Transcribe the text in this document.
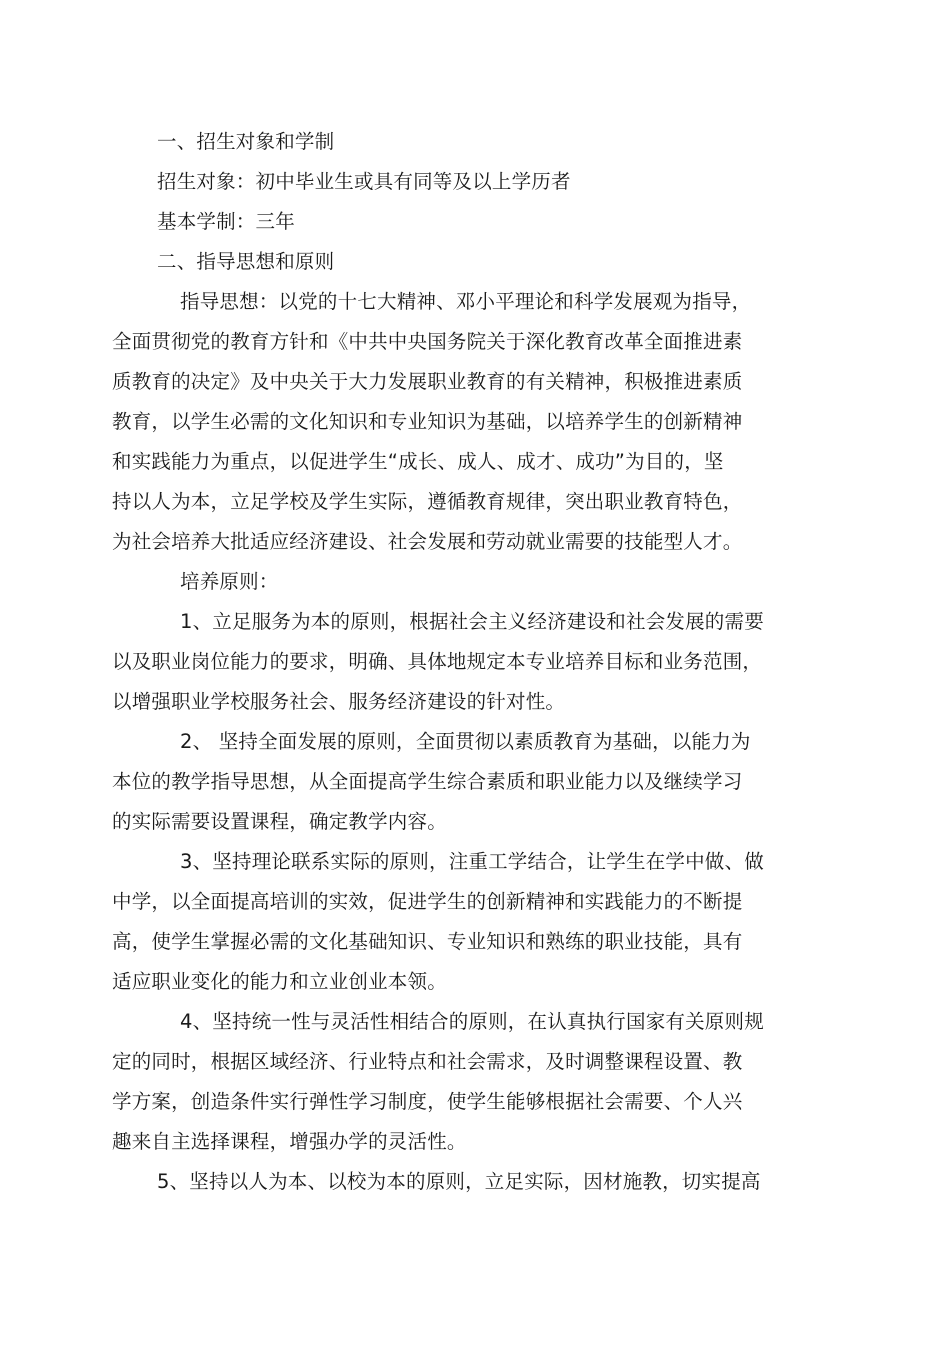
一、招生对象和学制

招生对象：初中毕业生或具有同等及以上学历者

基本学制：三年

二、指导思想和原则

指导思想：以党的十七大精神、邓小平理论和科学发展观为指导，

全面贯彻党的教育方针和《中共中央国务院关于深化教育改革全面推进素

质教育的决定》及中央关于大力发展职业教育的有关精神，积极推进素质

教育，以学生必需的文化知识和专业知识为基础，以培养学生的创新精神

和实践能力为重点，以促进学生“成长、成人、成才、成功”为目的，坚

持以人为本，立足学校及学生实际，遵循教育规律，突出职业教育特色，

为社会培养大批适应经济建设、社会发展和劳动就业需要的技能型人才。

培养原则：

1、立足服务为本的原则，根据社会主义经济建设和社会发展的需要

以及职业岗位能力的要求，明确、具体地规定本专业培养目标和业务范围，

以增强职业学校服务社会、服务经济建设的针对性。

2、 坚持全面发展的原则，全面贯彻以素质教育为基础，以能力为

本位的教学指导思想，从全面提高学生综合素质和职业能力以及继续学习

的实际需要设置课程，确定教学内容。

3、坚持理论联系实际的原则，注重工学结合，让学生在学中做、做

中学，以全面提高培训的实效，促进学生的创新精神和实践能力的不断提

高，使学生掌握必需的文化基础知识、专业知识和熟练的职业技能，具有

适应职业变化的能力和立业创业本领。

4、坚持统一性与灵活性相结合的原则，在认真执行国家有关原则规

定的同时，根据区域经济、行业特点和社会需求，及时调整课程设置、教

学方案，创造条件实行弹性学习制度，使学生能够根据社会需要、个人兴

趣来自主选择课程，增强办学的灵活性。

5、坚持以人为本、以校为本的原则，立足实际，因材施教，切实提高
